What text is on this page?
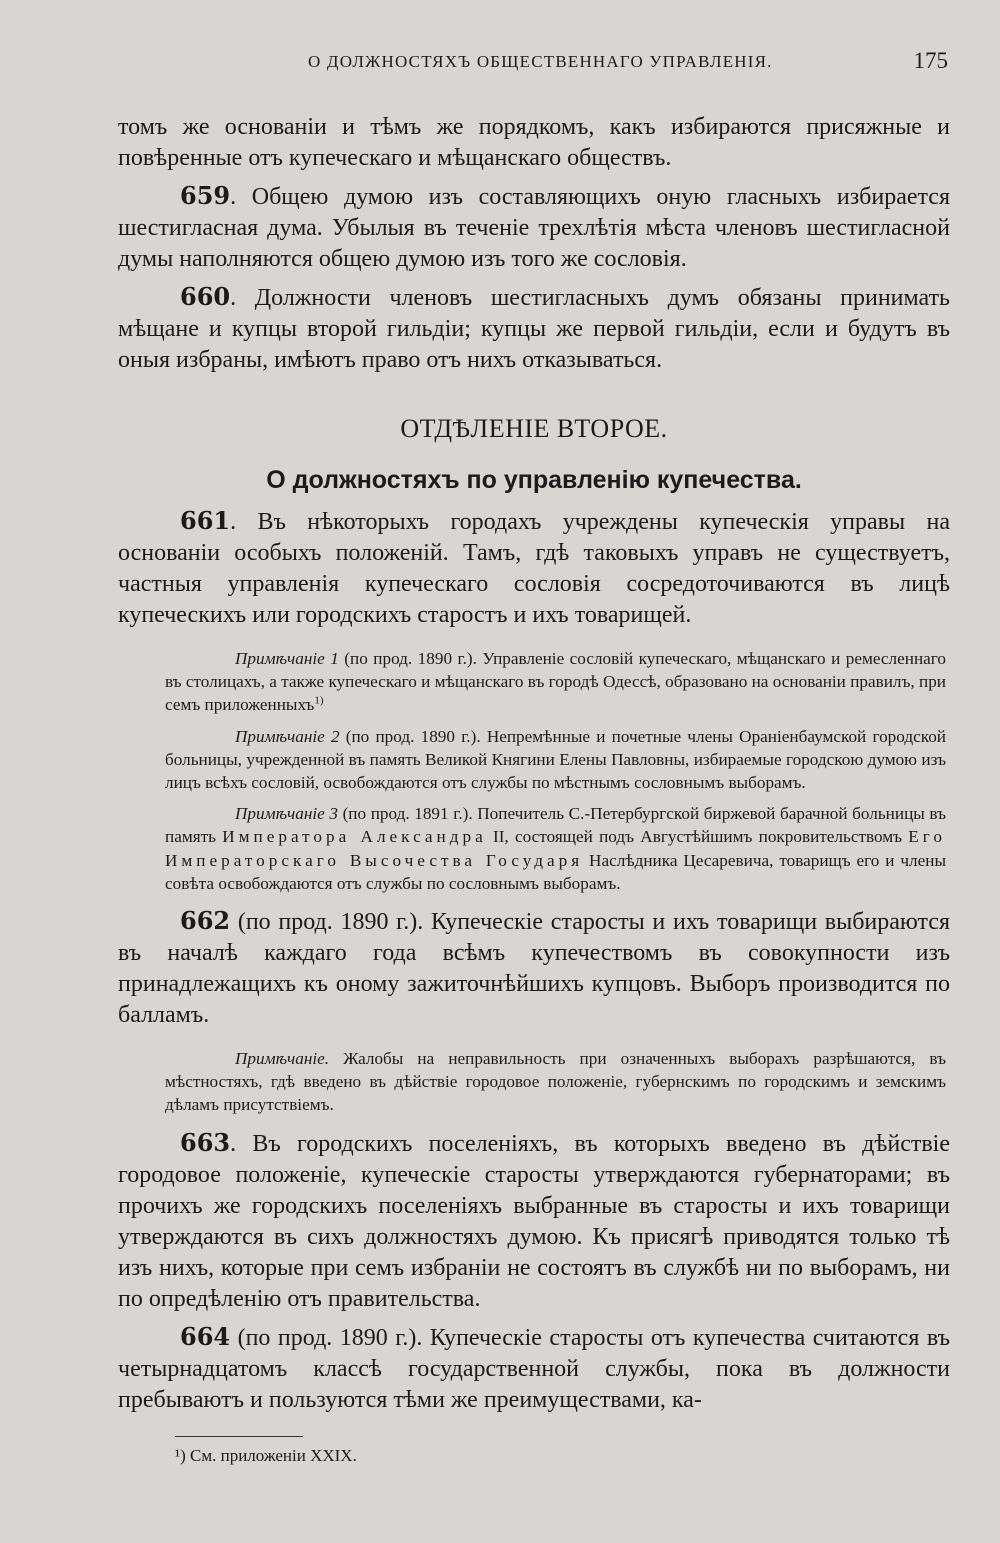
О ДОЛЖНОСТЯХЪ ОБЩЕСТВЕННАГО УПРАВЛЕНІЯ.	175

томъ же основаніи и тѣмъ же порядкомъ, какъ избираются присяжные и повѣренные отъ купеческаго и мѣщанскаго обществъ.

659. Общею думою изъ составляющихъ оную гласныхъ избирается шестигласная дума. Убылыя въ теченіе трехлѣтія мѣста членовъ шестигласной думы наполняются общею думою изъ того же сословія.

660. Должности членовъ шестигласныхъ думъ обязаны принимать мѣщане и купцы второй гильдіи; купцы же первой гильдіи, если и будутъ въ оныя избраны, имѣютъ право отъ нихъ отказываться.

ОТДѢЛЕНІЕ ВТОРОЕ.
О должностяхъ по управленію купечества.

661. Въ нѣкоторыхъ городахъ учреждены купеческія управы на основаніи особыхъ положеній. Тамъ, гдѣ таковыхъ управъ не существуетъ, частныя управленія купеческаго сословія сосредоточиваются въ лицѣ купеческихъ или городскихъ старостъ и ихъ товарищей.

Примѣчаніе 1 (по прод. 1890 г.). Управленіе сословій купеческаго, мѣщанскаго и ремесленнаго въ столицахъ, а также купеческаго и мѣщанскаго въ городѣ Одессѣ, образовано на основаніи правилъ, при семъ приложенныхъ$^{1)}$

Примѣчаніе 2 (по прод. 1890 г.). Непремѣнные и почетные члены Ораніенбаумской городской больницы, учрежденной въ память Великой Княгини Елены Павловны, избираемые городскою думою изъ лицъ всѣхъ сословій, освобождаются отъ службы по мѣстнымъ сословнымъ выборамъ.

Примѣчаніе 3 (по прод. 1891 г.). Попечитель С.-Петербургской биржевой барачной больницы въ память Императора Александра II, состоящей подъ Августѣйшимъ покровительствомъ Его Императорскаго Высочества Государя Наслѣдника Цесаревича, товарищъ его и члены совѣта освобождаются отъ службы по сословнымъ выборамъ.

662 (по прод. 1890 г.). Купеческіе старосты и ихъ товарищи выбираются въ началѣ каждаго года всѣмъ купечествомъ въ совокупности изъ принадлежащихъ къ оному зажиточнѣйшихъ купцовъ. Выборъ производится по балламъ.

Примѣчаніе. Жалобы на неправильность при означенныхъ выборахъ разрѣшаются, въ мѣстностяхъ, гдѣ введено въ дѣйствіе городовое положеніе, губернскимъ по городскимъ и земскимъ дѣламъ присутствіемъ.

663. Въ городскихъ поселеніяхъ, въ которыхъ введено въ дѣйствіе городовое положеніе, купеческіе старосты утверждаются губернаторами; въ прочихъ же городскихъ поселеніяхъ выбранные въ старосты и ихъ товарищи утверждаются въ сихъ должностяхъ думою. Къ присягѣ приводятся только тѣ изъ нихъ, которые при семъ избраніи не состоятъ въ службѣ ни по выборамъ, ни по опредѣленію отъ правительства.

664 (по прод. 1890 г.). Купеческіе старосты отъ купечества считаются въ четырнадцатомъ классѣ государственной службы, пока въ должности пребываютъ и пользуются тѣми же преимуществами, ка-

¹) См. приложеніи XXIX.
